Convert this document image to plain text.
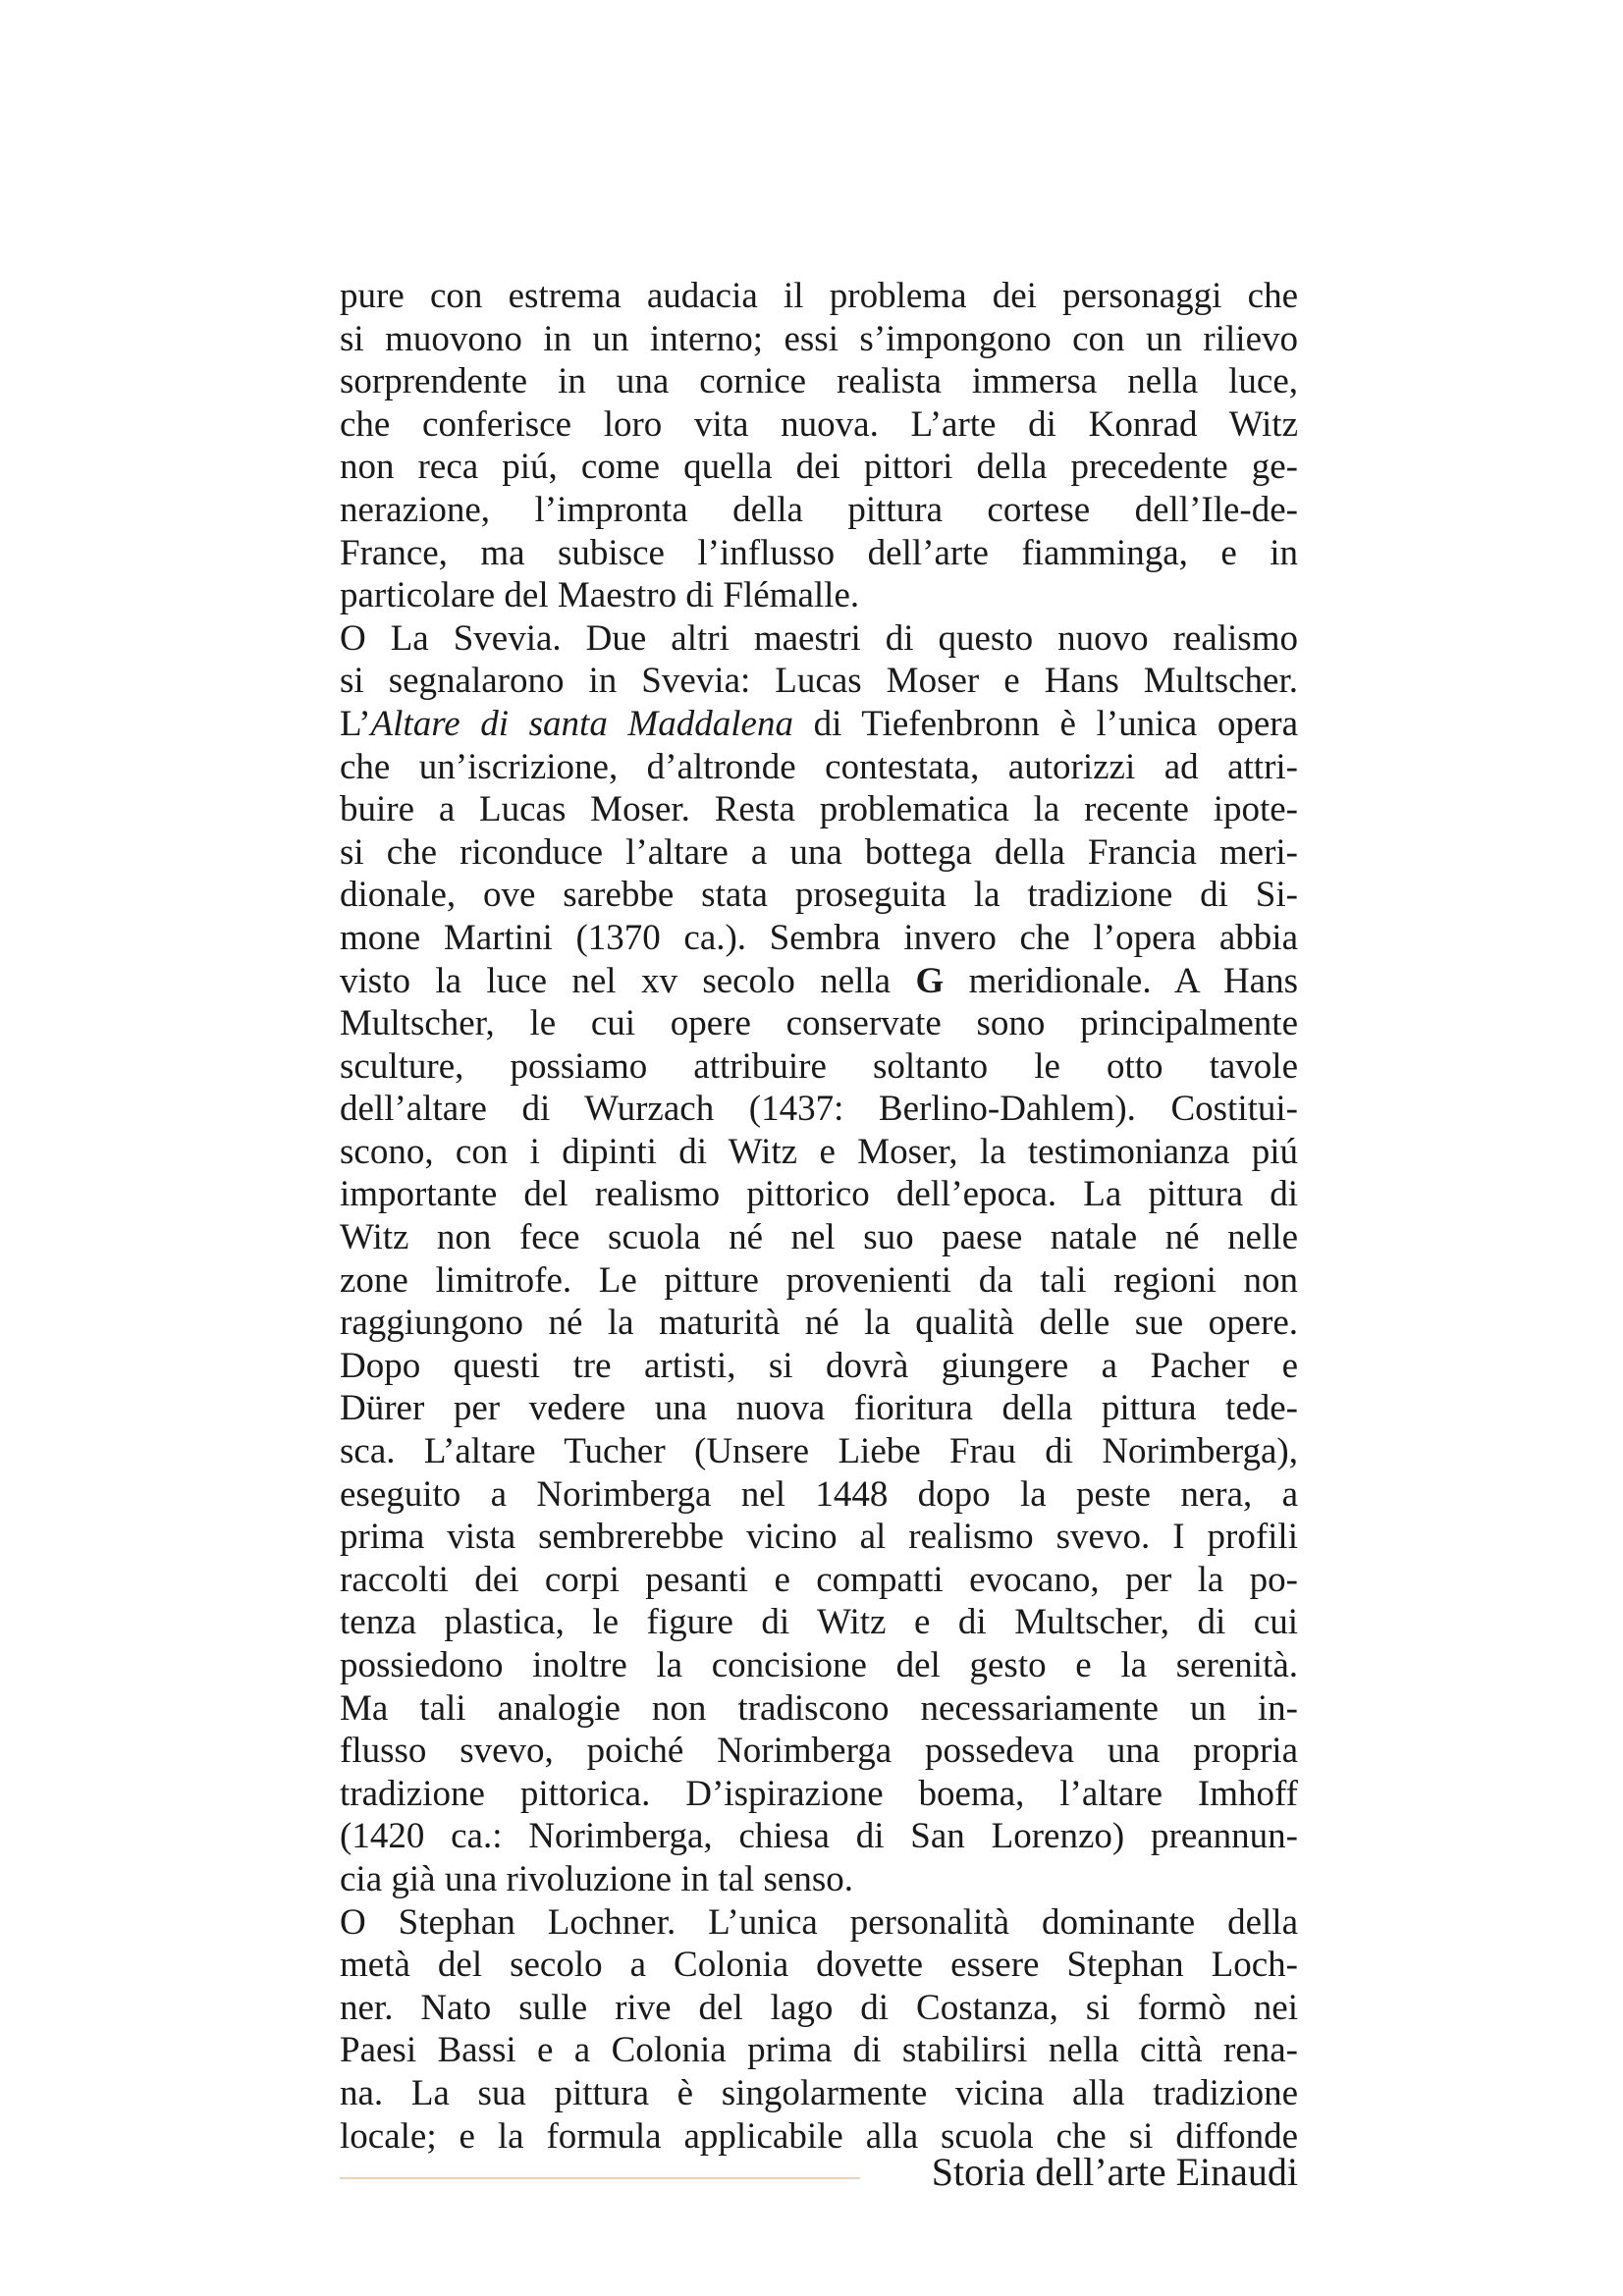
pure con estrema audacia il problema dei personaggi che
si muovono in un interno; essi s’impongono con un rilievo
sorprendente in una cornice realista immersa nella luce,
che conferisce loro vita nuova. L’arte di Konrad Witz
non reca piú, come quella dei pittori della precedente ge-
nerazione, l’impronta della pittura cortese dell’Ile-de-
France, ma subisce l’influsso dell’arte fiamminga, e in
particolare del Maestro di Flémalle.
O La Svevia. Due altri maestri di questo nuovo realismo
si segnalarono in Svevia: Lucas Moser e Hans Multscher.
L’Altare di santa Maddalena di Tiefenbronn è l’unica opera
che un’iscrizione, d’altronde contestata, autorizzi ad attri-
buire a Lucas Moser. Resta problematica la recente ipote-
si che riconduce l’altare a una bottega della Francia meri-
dionale, ove sarebbe stata proseguita la tradizione di Si-
mone Martini (1370 ca.). Sembra invero che l’opera abbia
visto la luce nel xv secolo nella G meridionale. A Hans
Multscher, le cui opere conservate sono principalmente
sculture, possiamo attribuire soltanto le otto tavole
dell’altare di Wurzach (1437: Berlino-Dahlem). Costitui-
scono, con i dipinti di Witz e Moser, la testimonianza piú
importante del realismo pittorico dell’epoca. La pittura di
Witz non fece scuola né nel suo paese natale né nelle
zone limitrofe. Le pitture provenienti da tali regioni non
raggiungono né la maturità né la qualità delle sue opere.
Dopo questi tre artisti, si dovrà giungere a Pacher e
Dürer per vedere una nuova fioritura della pittura tede-
sca. L’altare Tucher (Unsere Liebe Frau di Norimberga),
eseguito a Norimberga nel 1448 dopo la peste nera, a
prima vista sembrerebbe vicino al realismo svevo. I profili
raccolti dei corpi pesanti e compatti evocano, per la po-
tenza plastica, le figure di Witz e di Multscher, di cui
possiedono inoltre la concisione del gesto e la serenità.
Ma tali analogie non tradiscono necessariamente un in-
flusso svevo, poiché Norimberga possedeva una propria
tradizione pittorica. D’ispirazione boema, l’altare Imhoff
(1420 ca.: Norimberga, chiesa di San Lorenzo) preannun-
cia già una rivoluzione in tal senso.
O Stephan Lochner. L’unica personalità dominante della
metà del secolo a Colonia dovette essere Stephan Loch-
ner. Nato sulle rive del lago di Costanza, si formò nei
Paesi Bassi e a Colonia prima di stabilirsi nella città rena-
na. La sua pittura è singolarmente vicina alla tradizione
locale; e la formula applicabile alla scuola che si diffonde
Storia dell’arte Einaudi
